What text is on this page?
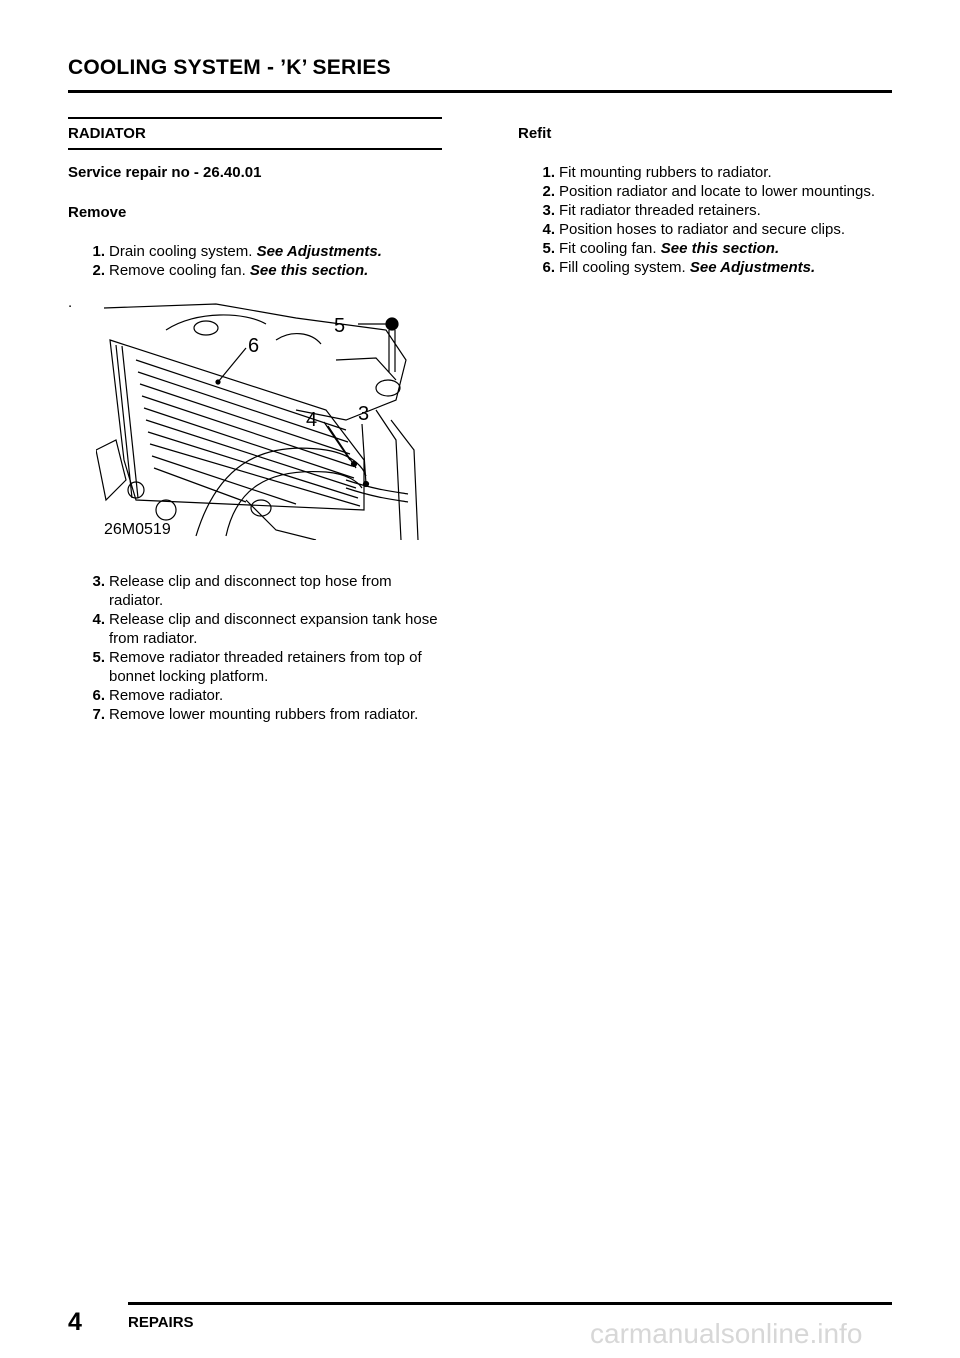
COOLING SYSTEM - ’K’ SERIES
RADIATOR
Service repair no - 26.40.01
Remove
1. Drain cooling system. See Adjustments.
2. Remove cooling fan. See this section.
.
5
6
4 3
26M0519
3. Release clip and disconnect top hose from radiator.
4. Release clip and disconnect expansion tank hose from radiator.
5. Remove radiator threaded retainers from top of bonnet locking platform.
6. Remove radiator.
7. Remove lower mounting rubbers from radiator.
Refit
1. Fit mounting rubbers to radiator.
2. Position radiator and locate to lower mountings.
3. Fit radiator threaded retainers.
4. Position hoses to radiator and secure clips.
5. Fit cooling fan. See this section.
6. Fill cooling system. See Adjustments.
4	REPAIRS	carmanualsonline.info
